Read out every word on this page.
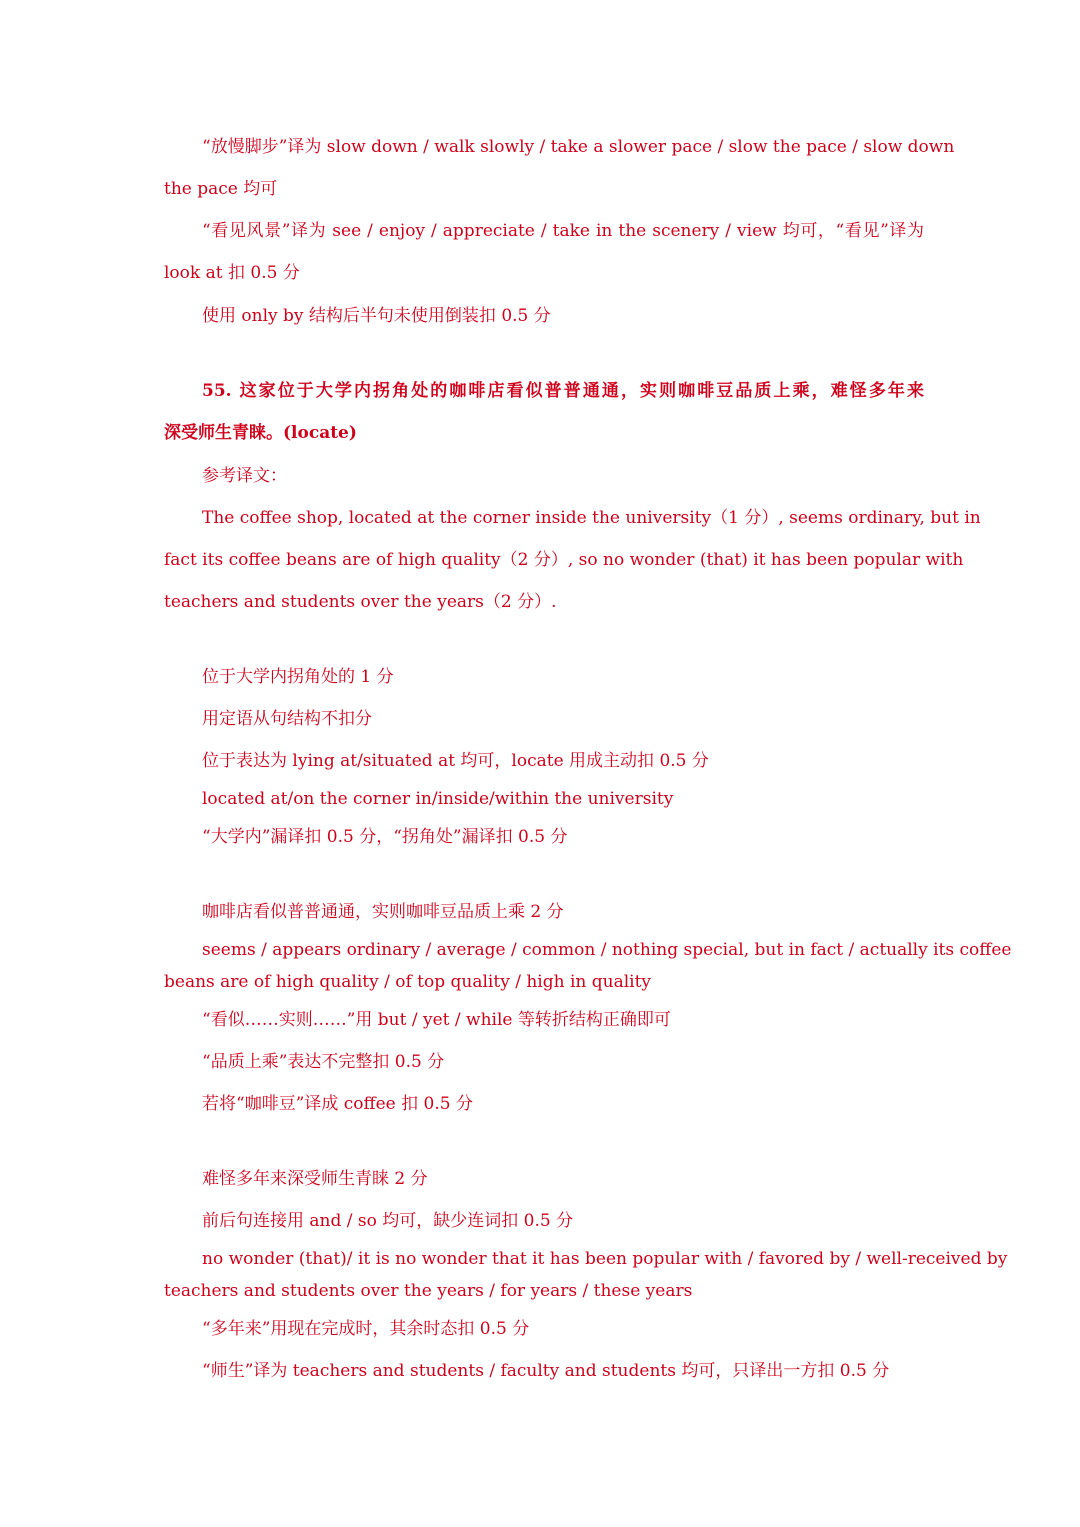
“放慢脚步”译为 slow down / walk slowly / take a slower pace / slow the pace / slow down
the pace 均可
“看见风景”译为 see / enjoy / appreciate / take in the scenery / view 均可，“看见”译为
look at 扣 0.5 分
使用 only by 结构后半句未使用倒装扣 0.5 分
55. 这家位于大学内拐角处的咖啡店看似普普通通，实则咖啡豆品质上乘，难怪多年来
深受师生青睐。(locate)
参考译文：
The coffee shop, located at the corner inside the university（1 分）, seems ordinary, but in
fact its coffee beans are of high quality（2 分）, so no wonder (that) it has been popular with
teachers and students over the years（2 分）.
位于大学内拐角处的 1 分
用定语从句结构不扣分
位于表达为 lying at/situated at 均可，locate 用成主动扣 0.5 分
located at/on the corner in/inside/within the university
“大学内”漏译扣 0.5 分，“拐角处”漏译扣 0.5 分
咖啡店看似普普通通，实则咖啡豆品质上乘 2 分
seems / appears ordinary / average / common / nothing special, but in fact / actually its coffee
beans are of high quality / of top quality / high in quality
“看似……实则……”用 but / yet / while 等转折结构正确即可
“品质上乘”表达不完整扣 0.5 分
若将“咖啡豆”译成 coffee 扣 0.5 分
难怪多年来深受师生青睐 2 分
前后句连接用 and / so 均可，缺少连词扣 0.5 分
no wonder (that)/ it is no wonder that it has been popular with / favored by / well-received by
teachers and students over the years / for years / these years
“多年来”用现在完成时，其余时态扣 0.5 分
“师生”译为 teachers and students / faculty and students 均可，只译出一方扣 0.5 分
